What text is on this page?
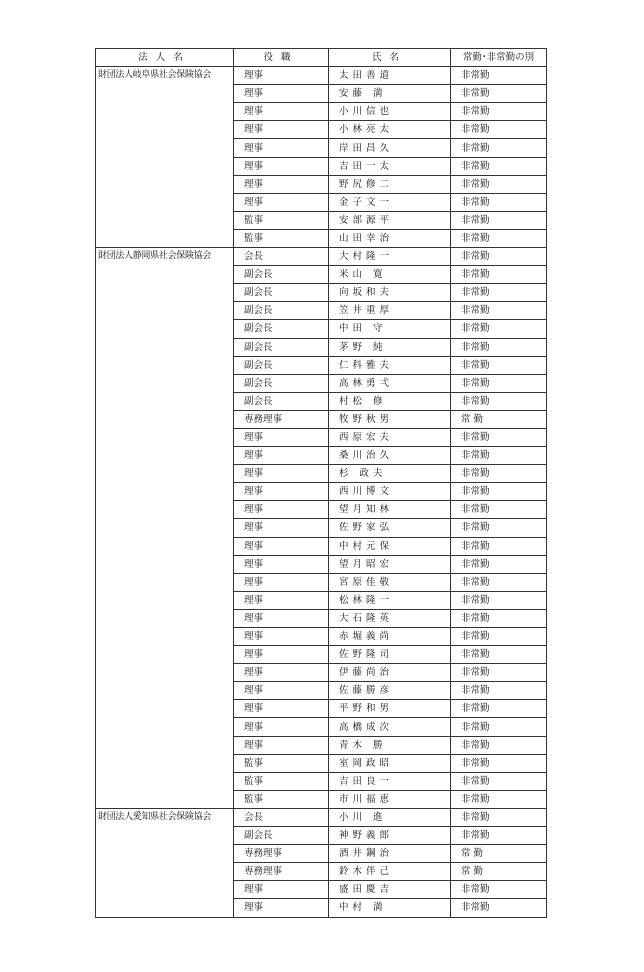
法人名	役職	氏名	常勤･非常勤の別
財団法人岐阜県社会保険協会	理事	太田善道	非常勤
	理事	安藤 満	非常勤
	理事	小川信也	非常勤
	理事	小林亮太	非常勤
	理事	岸田昌久	非常勤
	理事	吉田一太	非常勤
	理事	野尻修二	非常勤
	理事	金子文一	非常勤
	監事	安部源平	非常勤
	監事	山田幸治	非常勤
財団法人静岡県社会保険協会	会長	大村隆一	非常勤
	副会長	米山 寛	非常勤
	副会長	向坂和夫	非常勤
	副会長	笠井重厚	非常勤
	副会長	中田 守	非常勤
	副会長	茅野 純	非常勤
	副会長	仁科雅夫	非常勤
	副会長	高林勇弌	非常勤
	副会長	村松 修	非常勤
	専務理事	牧野秋男	常 勤
	理事	西原宏夫	非常勤
	理事	桑川治久	非常勤
	理事	杉 政夫	非常勤
	理事	西川博文	非常勤
	理事	望月知林	非常勤
	理事	佐野家弘	非常勤
	理事	中村元保	非常勤
	理事	望月昭宏	非常勤
	理事	宮原佳敬	非常勤
	理事	松林隆一	非常勤
	理事	大石隆英	非常勤
	理事	赤堀義尚	非常勤
	理事	佐野隆司	非常勤
	理事	伊藤尚治	非常勤
	理事	佐藤勝彦	非常勤
	理事	平野和男	非常勤
	理事	高橋成次	非常勤
	理事	青木 勝	非常勤
	監事	室岡政昭	非常勤
	監事	吉田良一	非常勤
	監事	市川福恵	非常勤
財団法人愛知県社会保険協会	会長	小川 進	非常勤
	副会長	神野義郎	非常勤
	専務理事	酒井鋼治	常 勤
	専務理事	鈴木伴己	常 勤
	理事	盛田慶吉	非常勤
	理事	中村 満	非常勤
